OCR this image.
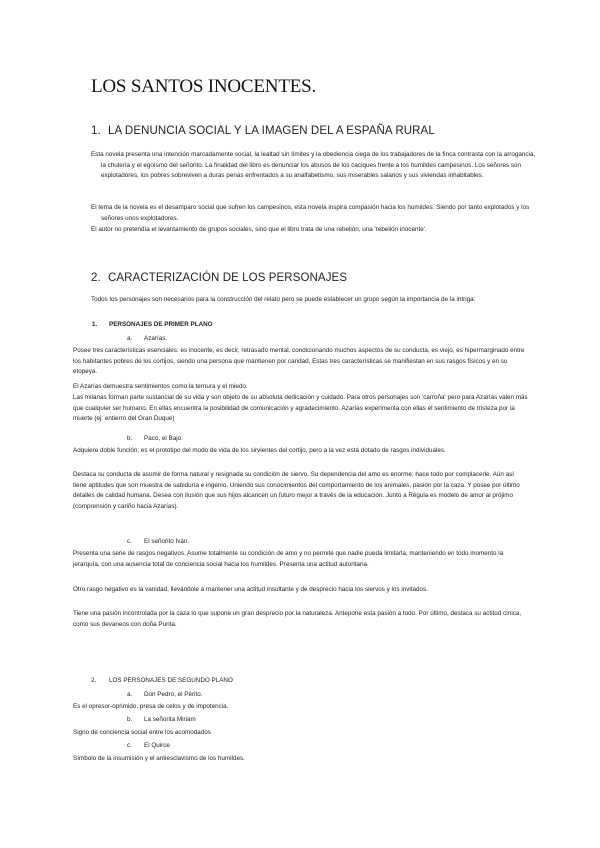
LOS SANTOS INOCENTES.
1. LA DENUNCIA SOCIAL Y LA IMAGEN DEL A ESPAÑA RURAL

Esta novela presenta una intención marcadamente social, la lealtad sin límites y la obediencia ciega de los trabajadores de la finca contrasta con la arrogancia, la chulería y el egoísmo del señorito. La finalidad del libro es denunciar los abusos de los caciques frente a los humildes campesinos. Los señores son explotadores, los pobres sobreviven a duras penas enfrentados a su analfabetismo, sus miserables salarios y sus viviendas inhabitables.

El tema de la novela es el desamparo social que sufren los campesinos, esta novela inspira compasión hacia los humildes. Siendo por tanto explotados y los señores unos explotadores.

El autor no pretendía el levantamiento de grupos sociales, sino que el libro trata de una rebelión, una 'rebelión inocente'.

2. CARACTERIZACIÓN DE LOS PERSONAJES

Todos los personajes son necesarios para la construcción del relato pero se puede establecer un grupo según la importancia de la intriga:

1. PERSONAJES DE PRIMER PLANO
a. Azarías.

Posee tres características esenciales: es inocente, es decir, retrasado mental, condicionando muchos aspectos de su conducta, es viejo, es hipermarginado entre los habitantes pobres de los cortijos, siendo una persona que mantienen por caridad. Estas tres características se manifiestan en sus rasgos físicos y en su etopeya.

El Azarías demuestra sentimientos como la ternura y el miedo.

Las milanas forman parte sustancial de su vida y son objeto de su absoluta dedicación y cuidado. Para otros personajes son 'carroña' pero para Azarías valen más que cualquier ser humano. En ellas encuentra la posibilidad de comunicación y agradecimiento. Azarías experimenta con ellas el sentimiento de tristeza por la muerte (ej: entierro del Gran Duque)

b. Paco, el Bajo.

Adquiere doble función; es el prototipo del modo de vida de los sirvientes del cortijo, pero a la vez está dotado de rasgos individuales.

Destaca su conducta de asumir de forma natural y resignada su condición de siervo. Su dependencia del amo es enorme; hace todo por complacerle. Aún así tiene aptitudes que son muestra de sabiduría e ingenio. Uniendo sus conocimientos del comportamiento de los animales, pasión por la caza. Y posee por último detalles de calidad humana. Desea con ilusión que sus hijos alcancen un futuro mejor a través de la educación. Junto a Régula es modelo de amor al prójimo (comprensión y cariño hacia Azarías).

c. El señorito Iván.

Presenta una serie de rasgos negativos. Asume totalmente su condición de amo y no permite que nadie pueda limitarla, manteniendo en todo momento la jerarquía, con una ausencia total de conciencia social hacia los humildes. Presenta una actitud autoritaria.

Otro rasgo negativo es la vanidad, llevándole a mantener una actitud insultante y de desprecio hacia los siervos y los invitados.

Tiene una pasión incontrolada por la caza lo que supone un gran desprecio por la naturaleza. Antepone esta pasión a todo. Por último, destaca su actitud cínica, como sus devaneos con doña Purita.

2. LOS PERSONAJES DE SEGUNDO PLANO
a. Don Pedro, el Périto.
Es el opresor-oprimido, presa de celos y de impotencia.
b. La señorita Miriam
Signo de conciencia social entre los acomodados
c. El Quirce
Símbolo de la insumisión y el antiesclavismo de los humildes.
